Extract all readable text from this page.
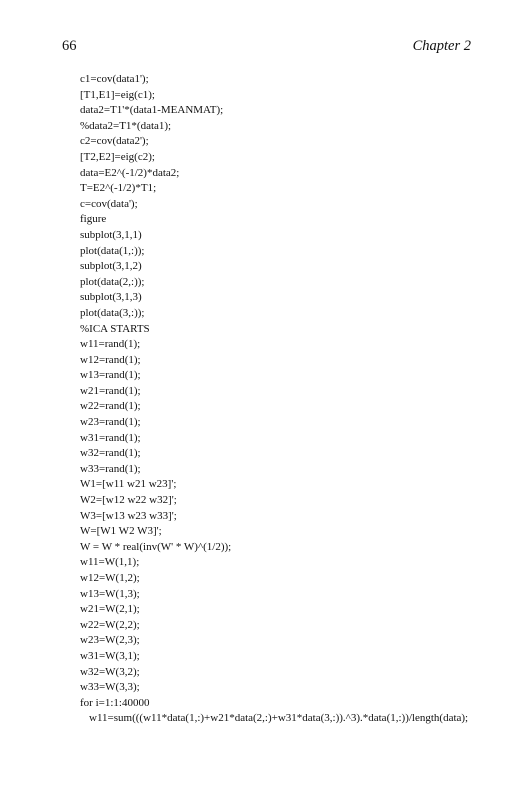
66	Chapter 2
c1=cov(data1');
[T1,E1]=eig(c1);
data2=T1'*(data1-MEANMAT);
%data2=T1*(data1);
c2=cov(data2');
[T2,E2]=eig(c2);
data=E2^(-1/2)*data2;
T=E2^(-1/2)*T1;
c=cov(data');
figure
subplot(3,1,1)
plot(data(1,:));
subplot(3,1,2)
plot(data(2,:));
subplot(3,1,3)
plot(data(3,:));
%ICA STARTS
w11=rand(1);
w12=rand(1);
w13=rand(1);
w21=rand(1);
w22=rand(1);
w23=rand(1);
w31=rand(1);
w32=rand(1);
w33=rand(1);
W1=[w11 w21 w23]';
W2=[w12 w22 w32]';
W3=[w13 w23 w33]';
W=[W1 W2 W3]';
W = W * real(inv(W' * W)^(1/2));
w11=W(1,1);
w12=W(1,2);
w13=W(1,3);
w21=W(2,1);
w22=W(2,2);
w23=W(2,3);
w31=W(3,1);
w32=W(3,2);
w33=W(3,3);
for i=1:1:40000
w11=sum(((w11*data(1,:)+w21*data(2,:)+w31*data(3,:)).^3).*data(1,:))/length(data);
